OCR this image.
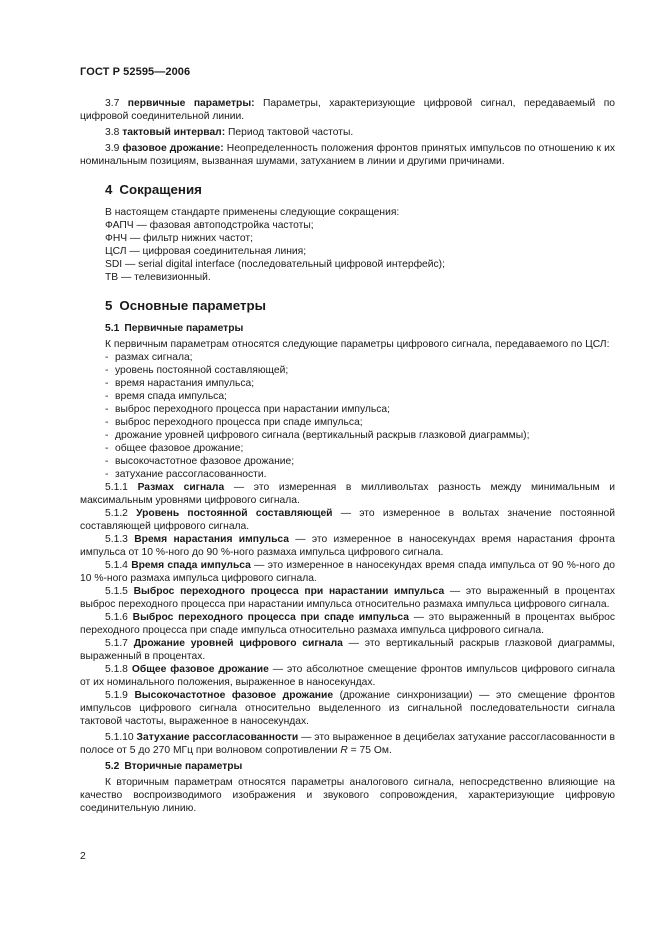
ГОСТ Р 52595—2006

3.7 первичные параметры: Параметры, характеризующие цифровой сигнал, передаваемый по цифровой соединительной линии.

3.8 тактовый интервал: Период тактовой частоты.

3.9 фазовое дрожание: Неопределенность положения фронтов принятых импульсов по отношению к их номинальным позициям, вызванная шумами, затуханием в линии и другими причинами.

4 Сокращения

В настоящем стандарте применены следующие сокращения:

ФАПЧ — фазовая автоподстройка частоты;

ФНЧ — фильтр нижних частот;

ЦСЛ — цифровая соединительная линия;

SDI — serial digital interface (последовательный цифровой интерфейс);

ТВ — телевизионный.

5 Основные параметры
5.1 Первичные параметры

К первичным параметрам относятся следующие параметры цифрового сигнала, передаваемого по ЦСЛ:

- размах сигнала;
- уровень постоянной составляющей;
- время нарастания импульса;
- время спада импульса;
- выброс переходного процесса при нарастании импульса;
- выброс переходного процесса при спаде импульса;
- дрожание уровней цифрового сигнала (вертикальный раскрыв глазковой диаграммы);
- общее фазовое дрожание;
- высокочастотное фазовое дрожание;
- затухание рассогласованности.

5.1.1 Размах сигнала — это измеренная в милливольтах разность между минимальным и максимальным уровнями цифрового сигнала.

5.1.2 Уровень постоянной составляющей — это измеренное в вольтах значение постоянной составляющей цифрового сигнала.

5.1.3 Время нарастания импульса — это измеренное в наносекундах время нарастания фронта импульса от 10 %-ного до 90 %-ного размаха импульса цифрового сигнала.

5.1.4 Время спада импульса — это измеренное в наносекундах время спада импульса от 90 %-ного до 10 %-ного размаха импульса цифрового сигнала.

5.1.5 Выброс переходного процесса при нарастании импульса — это выраженный в процентах выброс переходного процесса при нарастании импульса относительно размаха импульса цифрового сигнала.

5.1.6 Выброс переходного процесса при спаде импульса — это выраженный в процентах выброс переходного процесса при спаде импульса относительно размаха импульса цифрового сигнала.

5.1.7 Дрожание уровней цифрового сигнала — это вертикальный раскрыв глазковой диаграммы, выраженный в процентах.

5.1.8 Общее фазовое дрожание — это абсолютное смещение фронтов импульсов цифрового сигнала от их номинального положения, выраженное в наносекундах.

5.1.9 Высокочастотное фазовое дрожание (дрожание синхронизации) — это смещение фронтов импульсов цифрового сигнала относительно выделенного из сигнальной последовательности сигнала тактовой частоты, выраженное в наносекундах.

5.1.10 Затухание рассогласованности — это выраженное в децибелах затухание рассогласованности в полосе от 5 до 270 МГц при волновом сопротивлении R = 75 Ом.

5.2 Вторичные параметры

К вторичным параметрам относятся параметры аналогового сигнала, непосредственно влияющие на качество воспроизводимого изображения и звукового сопровождения, характеризующие цифровую соединительную линию.

2
